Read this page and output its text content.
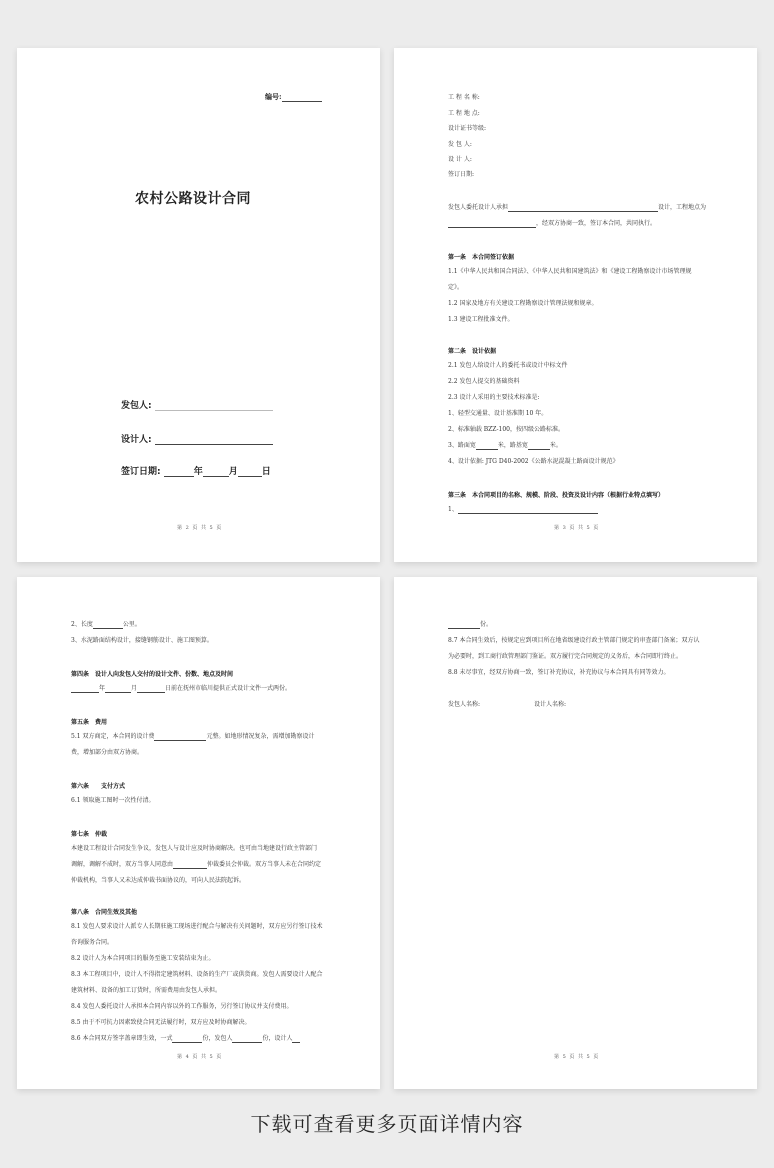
编号:
农村公路设计合同
发包人:
设计人:
签订日期:	年	月	日
第 2 页 共 5 页
工 程 名 称:
工 程 地 点:
设计证书等级:
发 包 人:
设 计 人:
签订日期:
发包人委托设计人承担	设计，工程地点为
，经双方协商一致，签订本合同，共同执行。
第一条　本合同签订依据
1.1《中华人民共和国合同法》、《中华人民共和国建筑法》和《建设工程勘察设计市场管理规
定》。
1.2 国家及地方有关建设工程勘察设计管理法规和规章。
1.3 建设工程批准文件。
第二条　设计依据
2.1 发包人给设计人的委托书或设计中标文件
2.2 发包人提交的基础资料
2.3 设计人采用的主要技术标准是:
1、轻型交通量、设计基准期 10 年。
2、标准轴载 BZZ-100，按四级公路标准。
3、路面宽	米，路基宽	米。
4、设计依据: JTG D40-2002《公路水泥混凝土路面设计规范》
第三条　本合同项目的名称、规模、阶段、投资及设计内容（根据行业特点填写）
1、
第 3 页 共 5 页
2、长度	公里。
3、水泥路面结构设计，接缝钢筋设计、施工图预算。
第四条　设计人向发包人交付的设计文件、份数、地点及时间
年	月	日前在抚州市临川提供正式设计文件一式两份。
第五条　费用
5.1 双方商定，本合同的设计费	元整。如地形情况复杂，需增加勘察设计
费，增加部分由双方协商。
第六条　　支付方式
6.1 领取施工图时一次性付清。
第七条　仲裁
本建设工程设计合同发生争议，发包人与设计应及时协商解决。也可由当地建设行政主管部门
调解，调解不成时，双方当事人同意由	仲裁委员会仲裁。双方当事人未在合同约定
仲裁机构，当事人又未达成仲裁书面协议的，可向人民法院起诉。
第八条　合同生效及其他
8.1 发包人要求设计人派专人长期驻施工现场进行配合与解决有关问题时，双方应另行签订技术
咨询服务合同。
8.2 设计人为本合同项目的服务至施工安装结束为止。
8.3 本工程项目中，设计人不得指定建筑材料、设备的生产厂或供货商。发包人需要设计人配合
建筑材料、设备的加工订货时，所需费用由发包人承担。
8.4 发包人委托设计人承担本合同内容以外的工作服务，另行签订协议并支付费用。
8.5 由于不可抗力因素致使合同无法履行时，双方应及时协商解决。
8.6 本合同双方签字盖章即生效，一式	份，发包人	份，设计人
第 4 页 共 5 页
份。
8.7 本合同生效后，按规定应到项目所在地省级建设行政主管部门规定的审查部门备案；双方认
为必要时，到工商行政管理部门鉴证。双方履行完合同规定的义务后，本合同即行终止。
8.8 未尽事宜，经双方协商一致，签订补充协议，补充协议与本合同具有同等效力。
发包人名称:	设计人名称:
第 5 页 共 5 页
下载可查看更多页面详情内容
